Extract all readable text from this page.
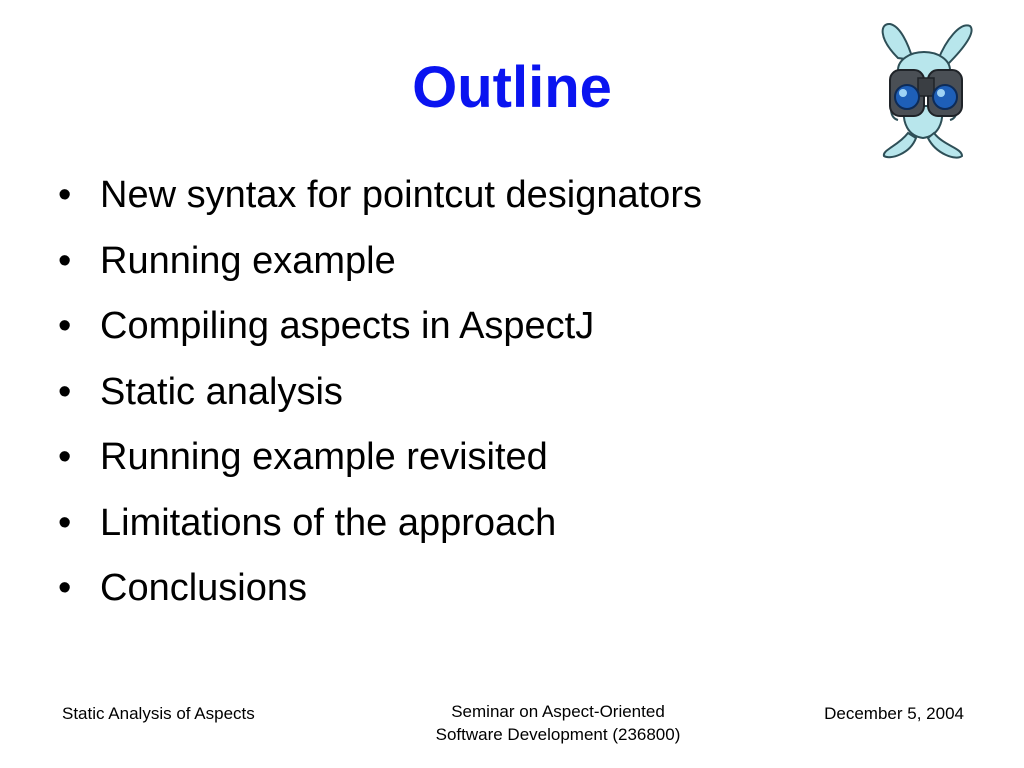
Outline
• New syntax for pointcut designators
• Running example
• Compiling aspects in AspectJ
• Static analysis
• Running example revisited
• Limitations of the approach
• Conclusions
Static Analysis of Aspects	Seminar on Aspect-Oriented
Software Development (236800)
December 5, 2004
